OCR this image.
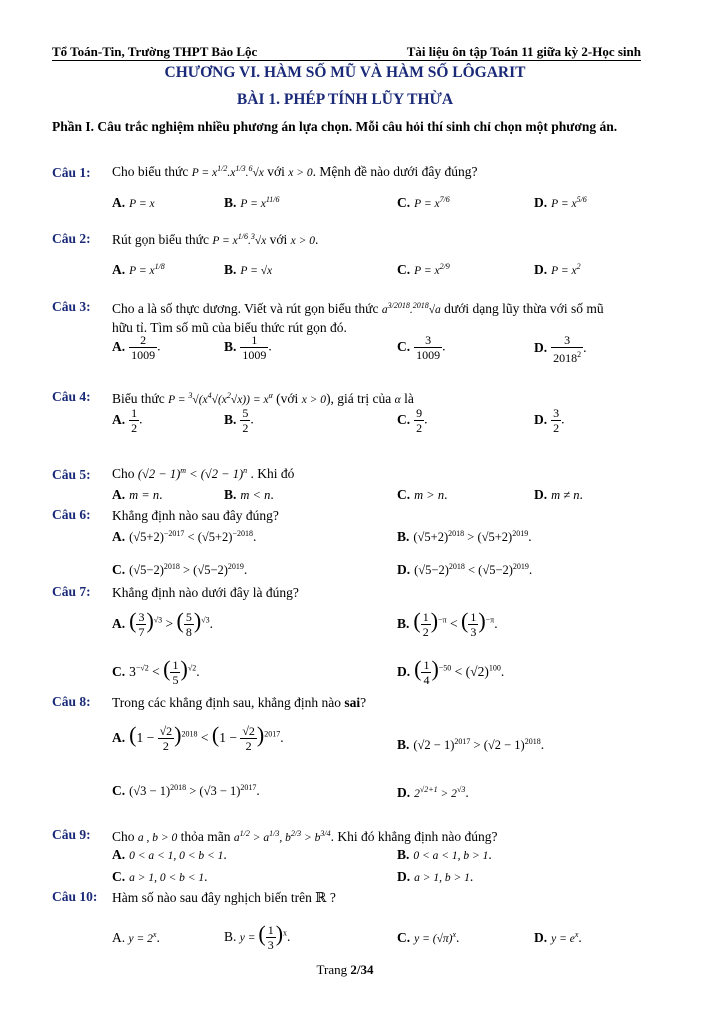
Tổ Toán-Tin, Trường THPT Bảo Lộc	Tài liệu ôn tập Toán 11 giữa kỳ 2-Học sinh
CHƯƠNG VI. HÀM SỐ MŨ VÀ HÀM SỐ LÔGARIT
BÀI 1. PHÉP TÍNH LŨY THỪA
Phần I. Câu trắc nghiệm nhiều phương án lựa chọn. Mỗi câu hỏi thí sinh chỉ chọn một phương án.
Câu 1: Cho biểu thức $P = x^{1/2}.x^{1/3}.^6√x$ với x > 0. Mệnh đề nào dưới đây đúng?
A. P = x	B. $P = x^{11/6}$	C. $P = x^{7/6}$	D. $P = x^{5/6}$
Câu 2: Rút gọn biểu thức $P = x^{1/6}.^3√x$ với x > 0.
A. $P = x^{1/8}$	B. P = √x	C. $P = x^{2/9}$	D. $P = x^2$
Câu 3: Cho a là số thực dương. Viết và rút gọn biểu thức $a^{3/2018}.^{2018}√a$ dưới dạng lũy thừa với số mũ
hữu tỉ. Tìm số mũ của biểu thức rút gọn đó.
A. $\frac{2}{1009}$ .	B. $\frac{1}{1009}$ .	C. $\frac{3}{1009}$ .	D. $\frac{3}{2018^2}$ .
Câu 4: Biểu thức $P = ^3√(x^4√(x^2√x)) = x^\alpha$ (với x > 0), giá trị của α là
A. $\frac{1}{2}$ .	B. $\frac{5}{2}$ .	C. $\frac{9}{2}$ .	D. $\frac{3}{2}$ .
Câu 5: Cho $(√2 - 1)^m < (√2 - 1)^n$ . Khi đó
A. m = n.	B. m < n.	C. m > n.	D. m ≠ n.
Câu 6: Khẳng định nào sau đây đúng?
A. $(√5+2)^{-2017} < (√5+2)^{-2018}$.	B. $(√5+2)^{2018} > (√5+2)^{2019}$.
C. $(√5-2)^{2018} > (√5-2)^{2019}$.	D. $(√5-2)^{2018} < (√5-2)^{2019}$.
Câu 7: Khẳng định nào dưới đây là đúng?
A. ( $\frac{3}{7} )^{√3}$ > ( $\frac{5}{8} )^{√3}$.	B. ( $\frac{1}{2} )^{-\pi}$ < ( $\frac{1}{3} )^{-\pi}$.
C. $3^{-√2}$ < ( $\frac{1}{5} )^{√2}$.	D. ( $\frac{1}{4} )^{-50} < (√2)^{100}$.
Câu 8: Trong các khẳng định sau, khẳng định nào sai?
A. $(1 - \frac{√2}{2} )^{2018} < (1 - \frac{√2}{2} )^{2017}$.	B. $(√2 - 1)^{2017} > (√2 - 1)^{2018}$.
C. $(√3 - 1)^{2018} > (√3 - 1)^{2017}$.	D. $2^{√2+1} > 2^{√3}$.
Câu 9: Cho a , b > 0 thỏa mãn $a^{1/2} > a^{1/3}$, $b^{2/3} > b^{3/4}$. Khi đó khẳng định nào đúng?
A. 0 < a < 1, 0 < b < 1.	B. 0 < a < 1, b > 1.
C. a > 1, 0 < b < 1.	D. a > 1, b > 1.
Câu 10: Hàm số nào sau đây nghịch biến trên ℝ ?
A. $y = 2^x$.	B. y = ( $\frac{1}{3} )^x$.	C. $y = (√\pi)^x$.	D. $y = e^x$.
Trang 2/34
